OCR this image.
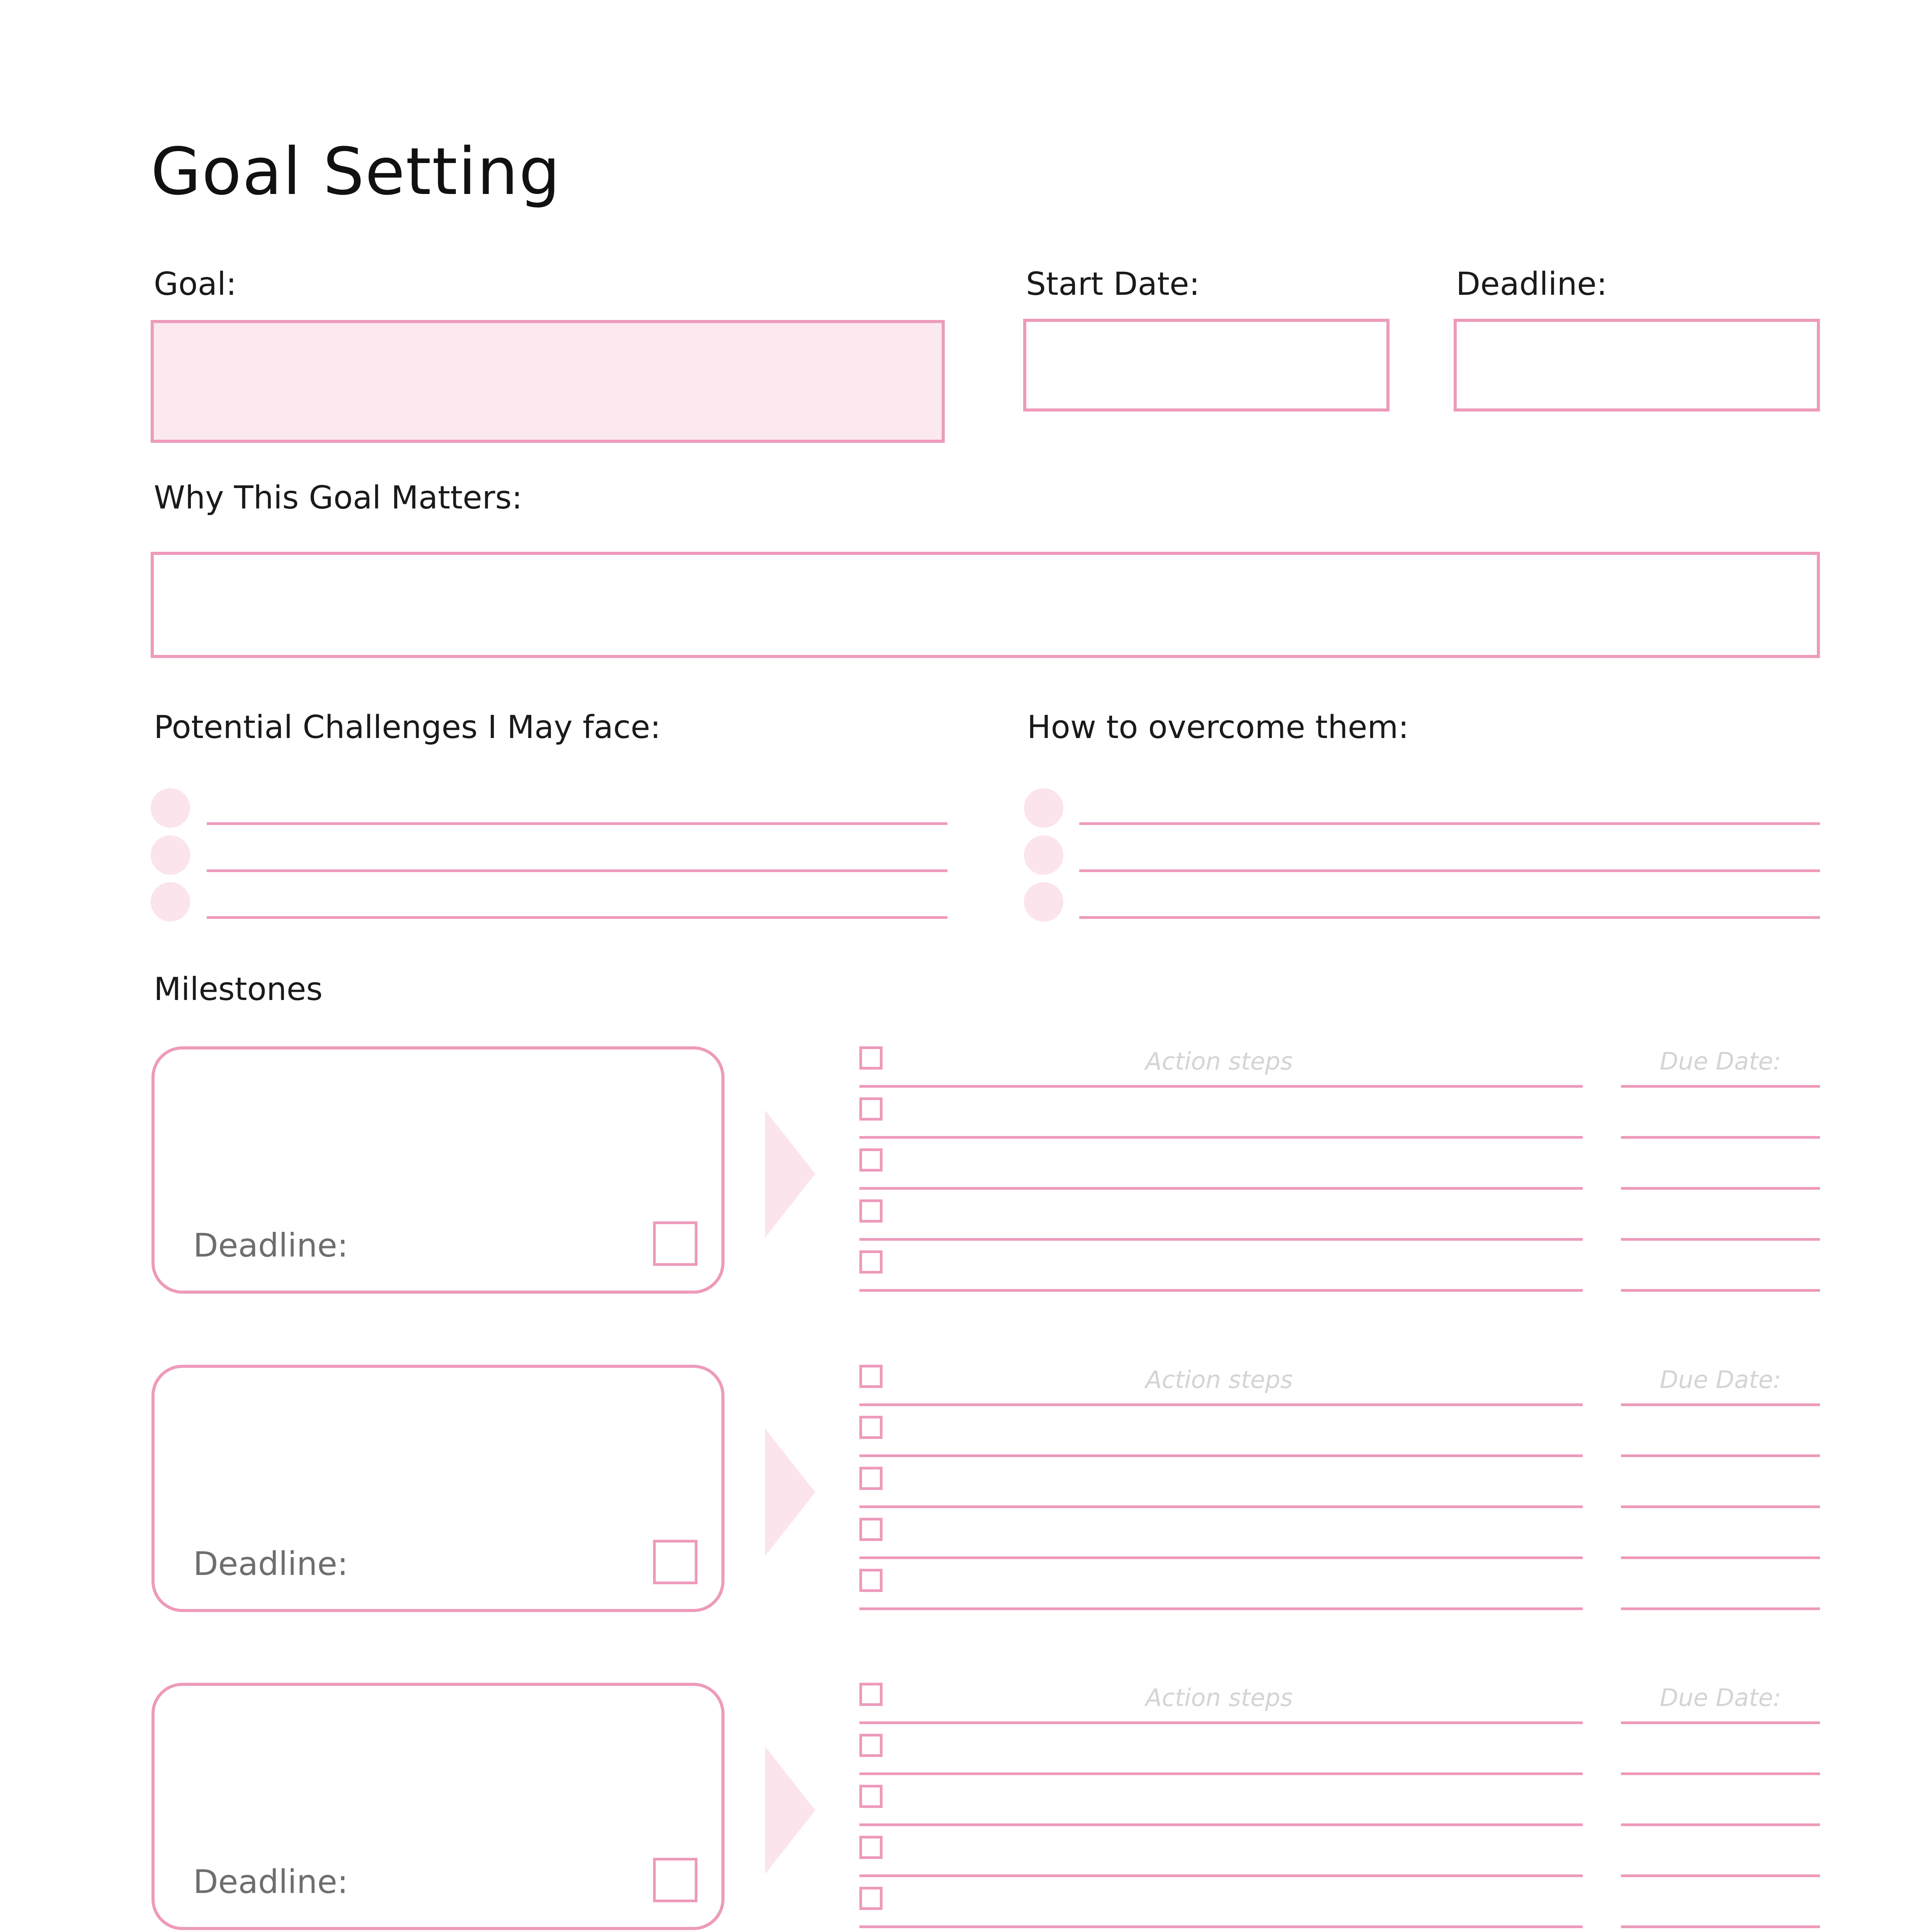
Goal Setting
Goal:	Start Date:	Deadline:
Why This Goal Matters:
Potential Challenges I May face:	How to overcome them:
Milestones
Deadline:
Action steps	Due Date:
Deadline:
Action steps	Due Date:
Deadline:
Action steps	Due Date:
